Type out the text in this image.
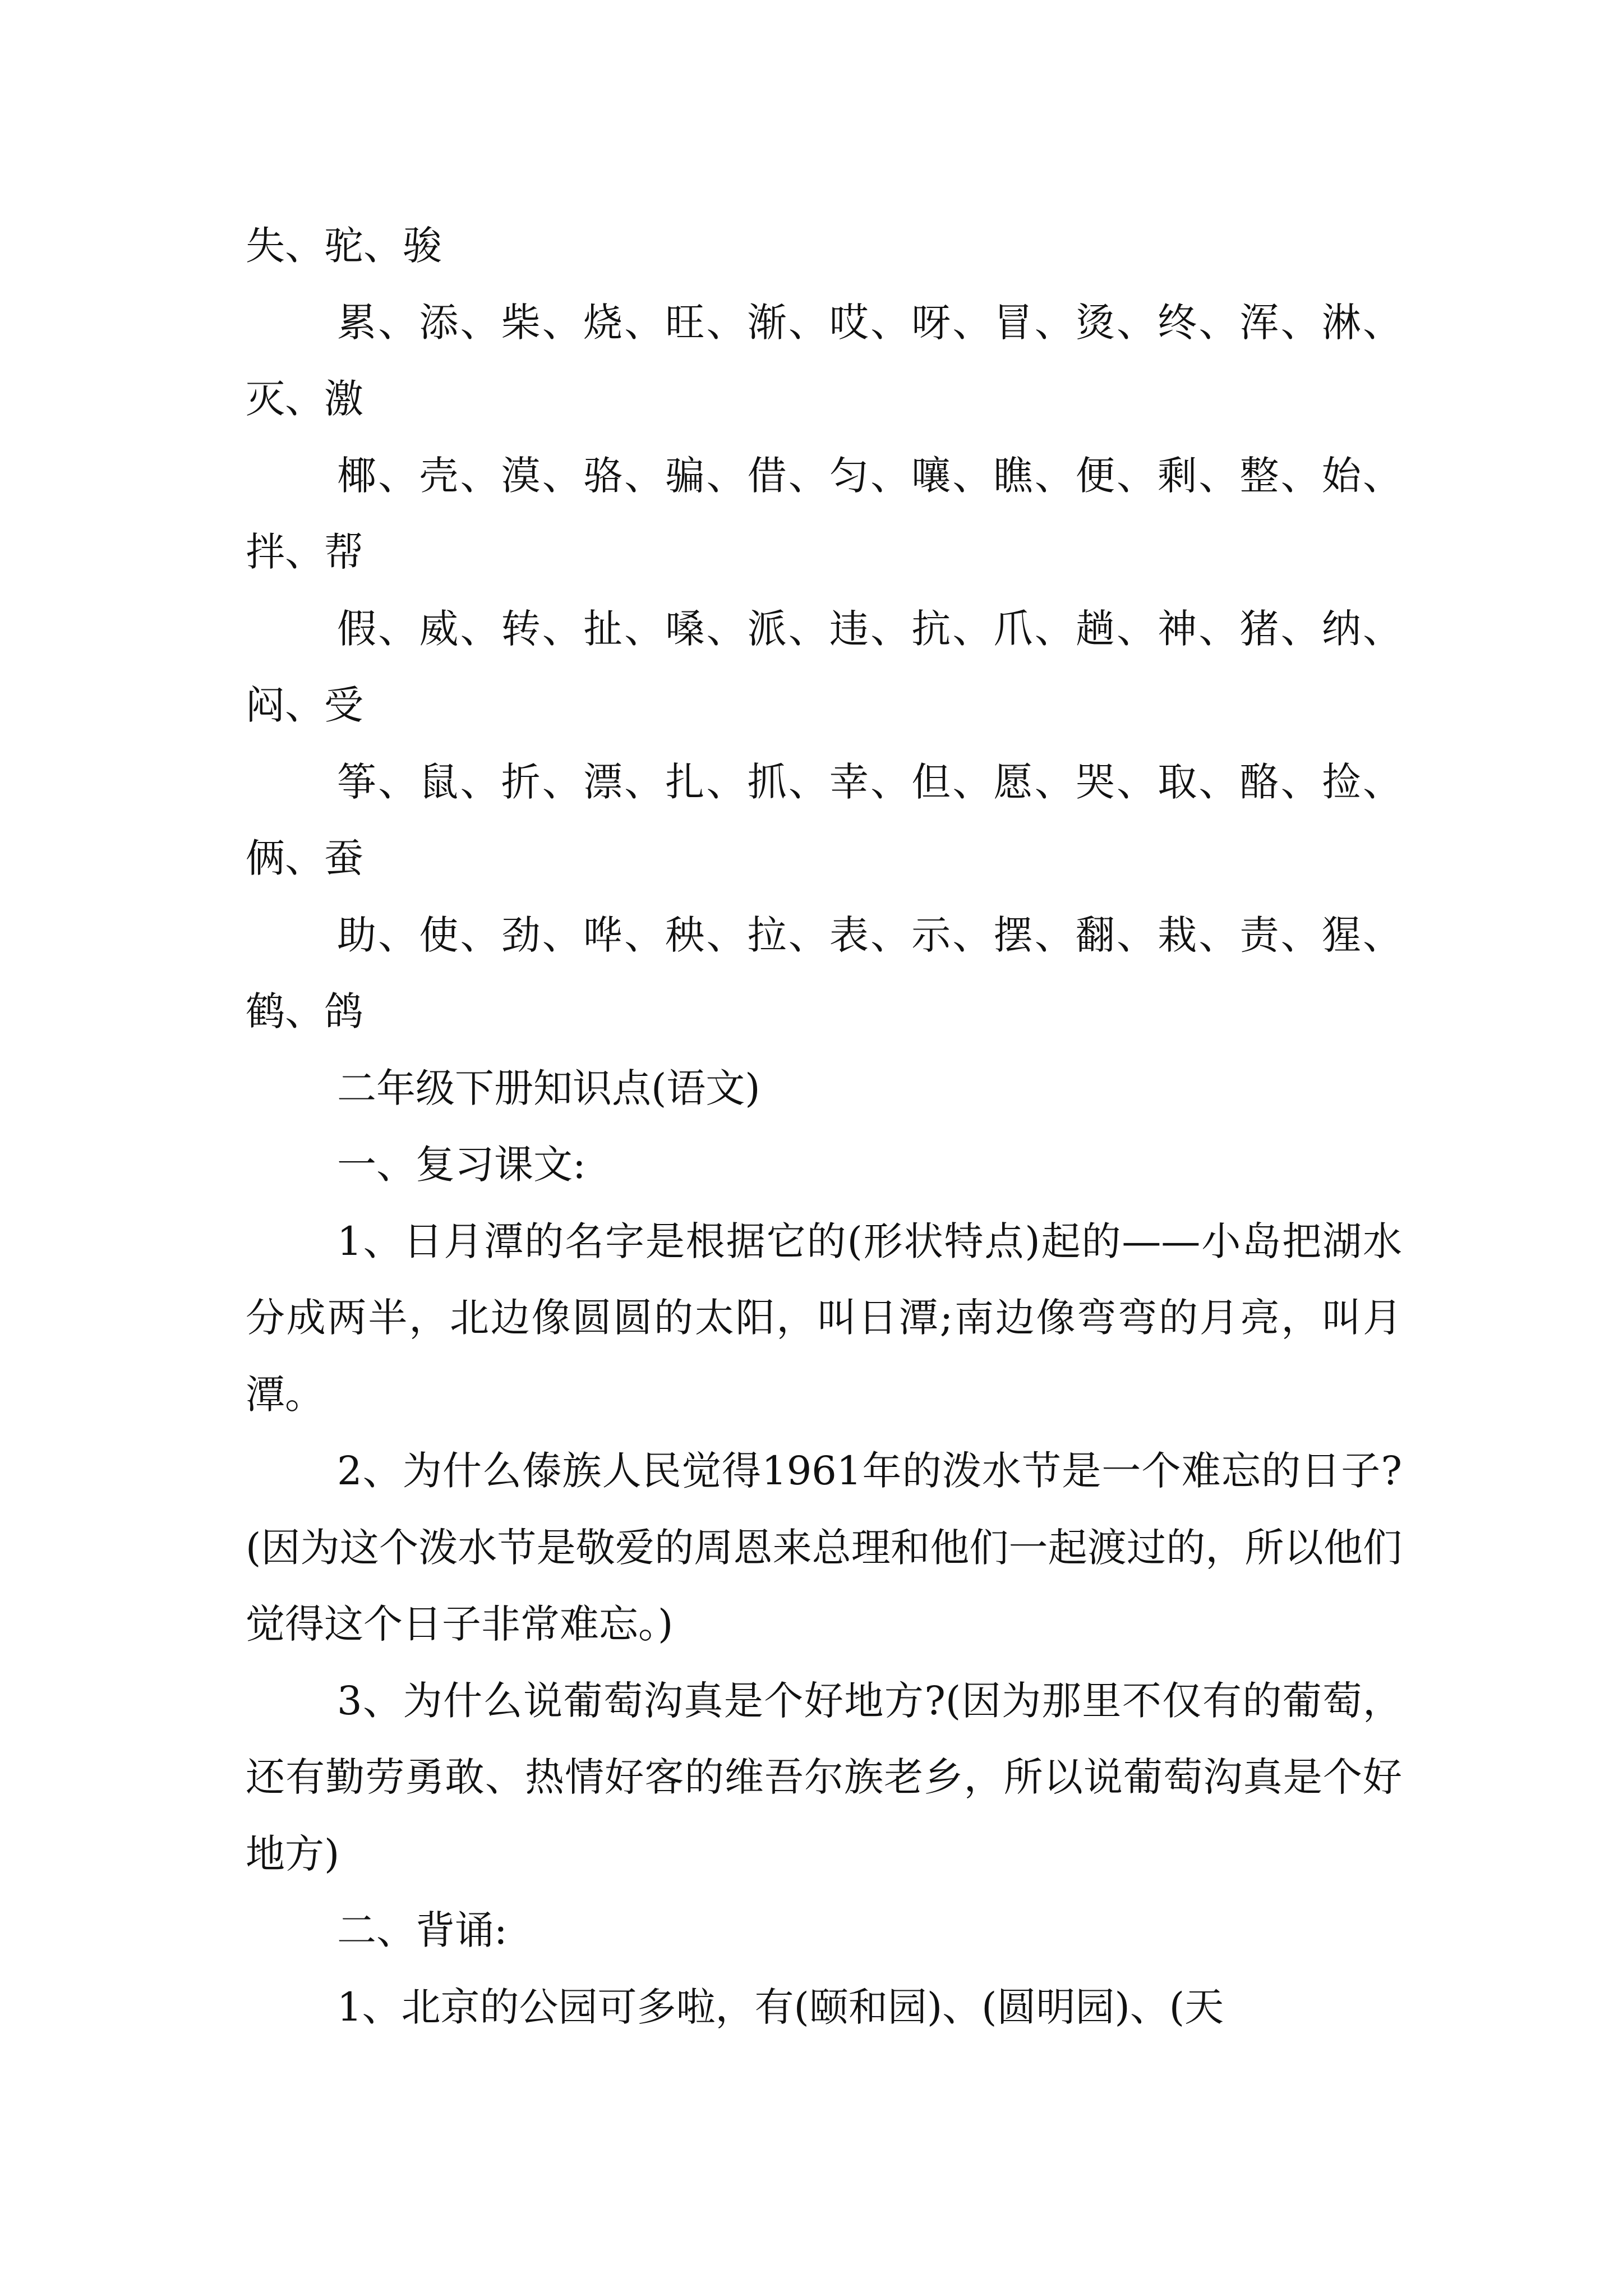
失、驼、骏

累、添、柴、烧、旺、渐、哎、呀、冒、烫、终、浑、淋、灭、激

椰、壳、漠、骆、骗、借、匀、嚷、瞧、便、剩、整、始、拌、帮

假、威、转、扯、嗓、派、违、抗、爪、趟、神、猪、纳、闷、受

筝、鼠、折、漂、扎、抓、幸、但、愿、哭、取、酪、捡、俩、蚕

助、使、劲、哗、秧、拉、表、示、摆、翻、栽、责、猩、鹤、鸽

二年级下册知识点(语文)

一、复习课文:

1、日月潭的名字是根据它的(形状特点)起的——小岛把湖水分成两半，北边像圆圆的太阳，叫日潭;南边像弯弯的月亮，叫月潭。

2、为什么傣族人民觉得1961年的泼水节是一个难忘的日子?(因为这个泼水节是敬爱的周恩来总理和他们一起渡过的，所以他们觉得这个日子非常难忘。)

3、为什么说葡萄沟真是个好地方?(因为那里不仅有的葡萄，还有勤劳勇敢、热情好客的维吾尔族老乡，所以说葡萄沟真是个好地方)

二、背诵:

1、北京的公园可多啦，有(颐和园)、(圆明园)、(天
